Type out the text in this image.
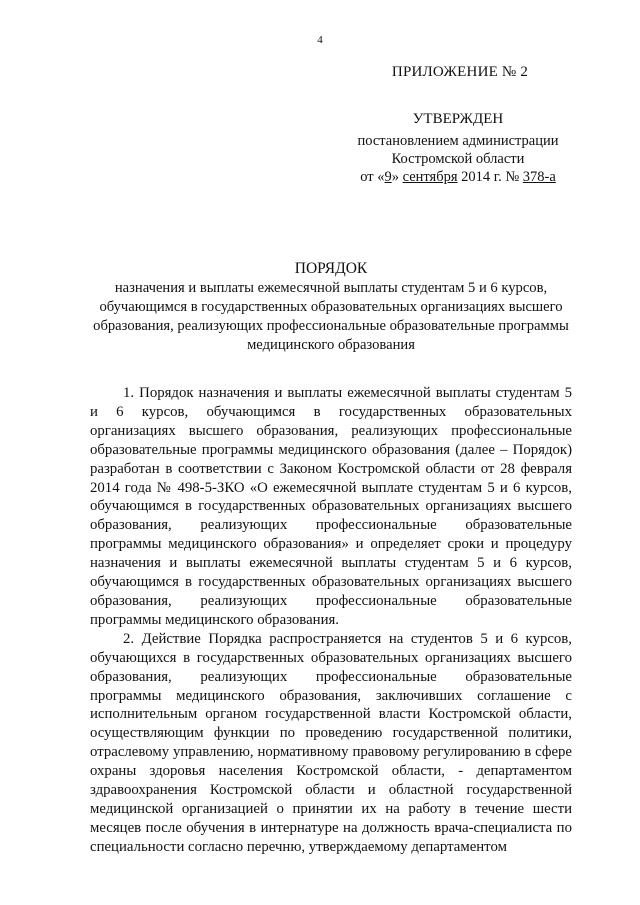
4
ПРИЛОЖЕНИЕ № 2
УТВЕРЖДЕН
постановлением администрации
Костромской области
от «9» сентября 2014 г. № 378-а
ПОРЯДОК
назначения и выплаты ежемесячной выплаты студентам 5 и 6 курсов, обучающимся в государственных образовательных организациях высшего образования, реализующих профессиональные образовательные программы медицинского образования

1. Порядок назначения и выплаты ежемесячной выплаты студентам 5 и 6 курсов, обучающимся в государственных образовательных организациях высшего образования, реализующих профессиональные образовательные программы медицинского образования (далее – Порядок) разработан в соответствии с Законом Костромской области от 28 февраля 2014 года № 498-5-ЗКО «О ежемесячной выплате студентам 5 и 6 курсов, обучающимся в государственных образовательных организациях высшего образования, реализующих профессиональные образовательные программы медицинского образования» и определяет сроки и процедуру назначения и выплаты ежемесячной выплаты студентам 5 и 6 курсов, обучающимся в государственных образовательных организациях высшего образования, реализующих профессиональные образовательные программы медицинского образования.

2. Действие Порядка распространяется на студентов 5 и 6 курсов, обучающихся в государственных образовательных организациях высшего образования, реализующих профессиональные образовательные программы медицинского образования, заключивших соглашение с исполнительным органом государственной власти Костромской области, осуществляющим функции по проведению государственной политики, отраслевому управлению, нормативному правовому регулированию в сфере охраны здоровья населения Костромской области, - департаментом здравоохранения Костромской области и областной государственной медицинской организацией о принятии их на работу в течение шести месяцев после обучения в интернатуре на должность врача-специалиста по специальности согласно перечню, утверждаемому департаментом
